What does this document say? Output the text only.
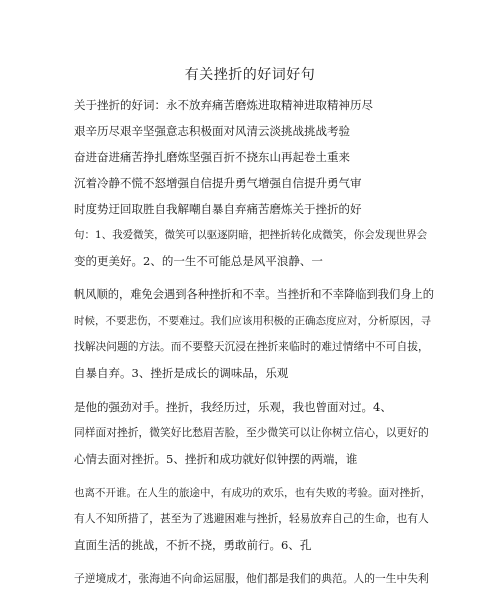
有关挫折的好词好句
关于挫折的好词：永不放弃痛苦磨炼进取精神进取精神历尽
艰辛历尽艰辛坚强意志积极面对风清云淡挑战挑战考验
奋进奋进痛苦挣扎磨炼坚强百折不挠东山再起卷土重来
沉着冷静不慌不怒增强自信提升勇气增强自信提升勇气审
时度势迂回取胜自我解嘲自暴自弃痛苦磨炼关于挫折的好
句：1、我爱微笑，微笑可以驱逐阴暗，把挫折转化成微笑，你会发现世界会
变的更美好。2、的一生不可能总是风平浪静、一
帆风顺的，难免会遇到各种挫折和不幸。当挫折和不幸降临到我们身上的
时候，不要悲伤，不要难过。我们应该用积极的正确态度应对，分析原因，寻
找解决问题的方法。而不要整天沉浸在挫折来临时的难过情绪中不可自拔，
自暴自弃。3、挫折是成长的调味品，乐观
是他的强劲对手。挫折，我经历过，乐观，我也曾面对过。4、
同样面对挫折，微笑好比愁眉苦脸，至少微笑可以让你树立信心，以更好的
心情去面对挫折。5、挫折和成功就好似钟摆的两端，谁
也离不开谁。在人生的旅途中，有成功的欢乐，也有失败的考验。面对挫折，
有人不知所措了，甚至为了逃避困难与挫折，轻易放弃自己的生命，也有人
直面生活的挑战，不折不挠，勇敢前行。6、孔
子逆境成才，张海迪不向命运屈服，他们都是我们的典范。人的一生中失利
